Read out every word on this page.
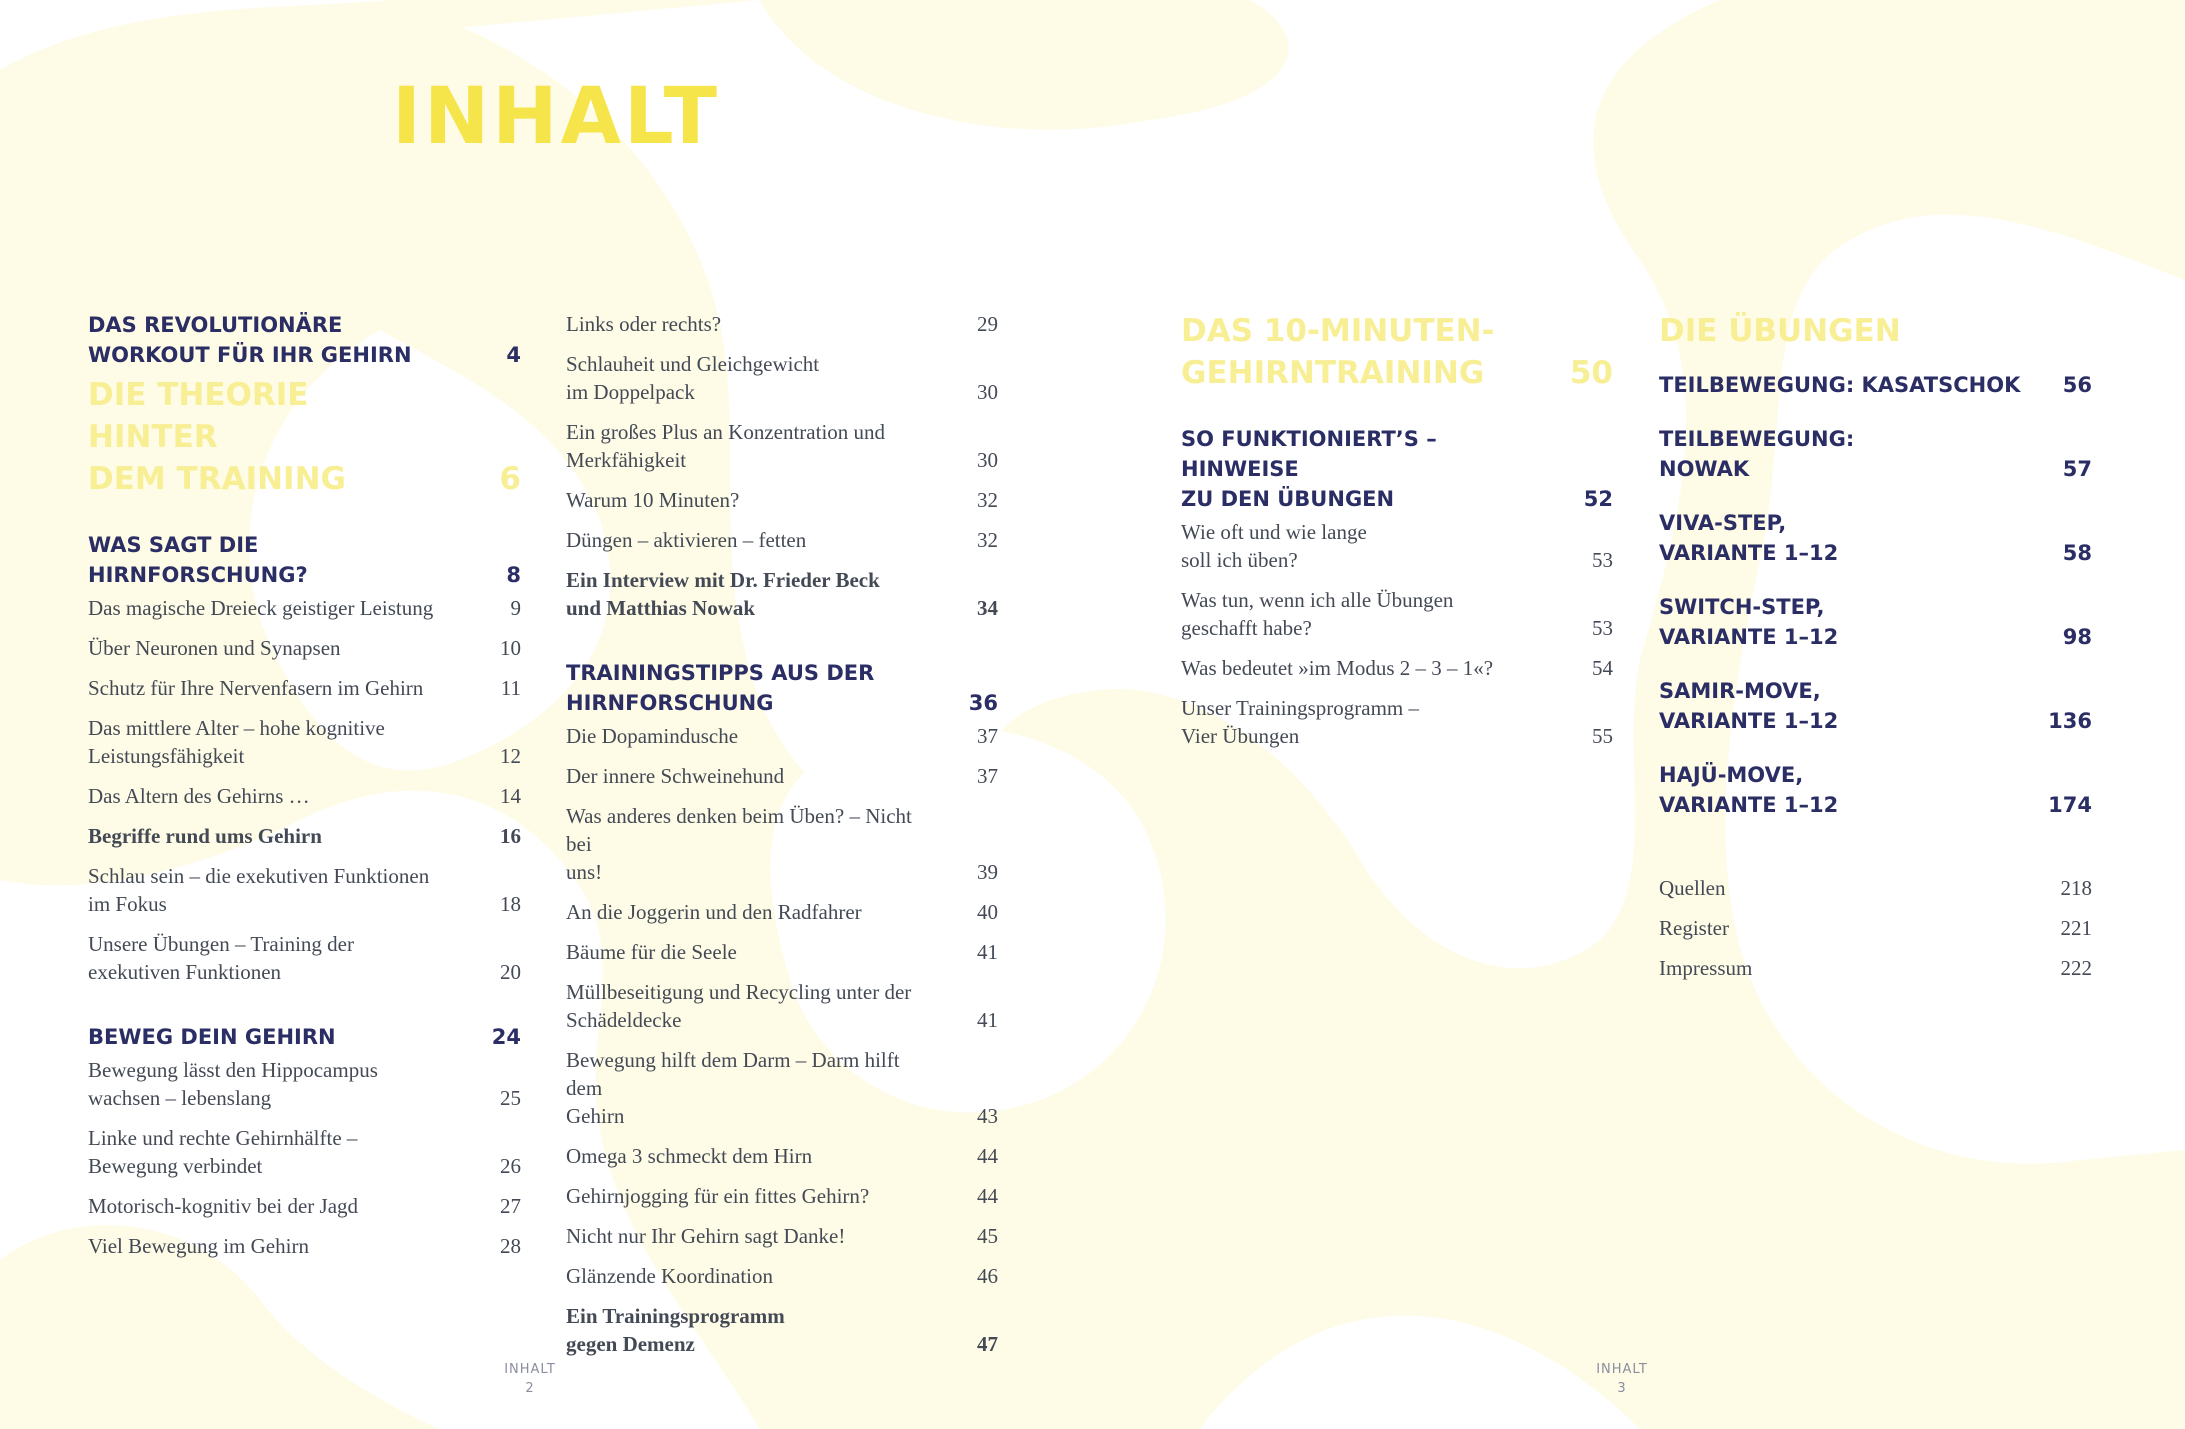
INHALT
DAS REVOLUTIONÄRE
WORKOUT FÜR IHR GEHIRN	4
DIE THEORIE
HINTER
DEM TRAINING	6
WAS SAGT DIE
HIRNFORSCHUNG?	8
Das magische Dreieck geistiger Leistung	9
Über Neuronen und Synapsen	10
Schutz für Ihre Nervenfasern im Gehirn	11
Das mittlere Alter – hohe kognitive
Leistungsfähigkeit	12
Das Altern des Gehirns …	14
Begriffe rund ums Gehirn	16
Schlau sein – die exekutiven Funktionen
im Fokus	18
Unsere Übungen – Training der
exekutiven Funktionen	20
BEWEG DEIN GEHIRN	24
Bewegung lässt den Hippocampus
wachsen – lebenslang	25
Linke und rechte Gehirnhälfte –
Bewegung verbindet	26
Motorisch-kognitiv bei der Jagd	27
Viel Bewegung im Gehirn	28
Links oder rechts?	29
Schlauheit und Gleichgewicht
im Doppelpack	30
Ein großes Plus an Konzentration und
Merkfähigkeit	30
Warum 10 Minuten?	32
Düngen – aktivieren – fetten	32
Ein Interview mit Dr. Frieder Beck
und Matthias Nowak	34
TRAININGSTIPPS AUS DER
HIRNFORSCHUNG	36
Die Dopamindusche	37
Der innere Schweinehund	37
Was anderes denken beim Üben? – Nicht bei
uns!	39
An die Joggerin und den Radfahrer	40
Bäume für die Seele	41
Müllbeseitigung und Recycling unter der
Schädeldecke	41
Bewegung hilft dem Darm – Darm hilft dem
Gehirn	43
Omega 3 schmeckt dem Hirn	44
Gehirnjogging für ein fittes Gehirn?	44
Nicht nur Ihr Gehirn sagt Danke!	45
Glänzende Koordination	46
Ein Trainingsprogramm
gegen Demenz	47
DAS 10-MINUTEN-
GEHIRNTRAINING	50
SO FUNKTIONIERT’S – HINWEISE
ZU DEN ÜBUNGEN	52
Wie oft und wie lange
soll ich üben?	53
Was tun, wenn ich alle Übungen
geschafft habe?	53
Was bedeutet »im Modus 2 – 3 – 1«?	54
Unser Trainingsprogramm –
Vier Übungen	55
DIE ÜBUNGEN
TEILBEWEGUNG: KASATSCHOK 56
TEILBEWEGUNG:
NOWAK	57
VIVA-STEP,
VARIANTE 1–12	58
SWITCH-STEP,
VARIANTE 1–12	98
SAMIR-MOVE,
VARIANTE 1–12	136
HAJÜ-MOVE,
VARIANTE 1–12	174
Quellen	218
Register	221
Impressum	222
INHALT
2
INHALT
3
